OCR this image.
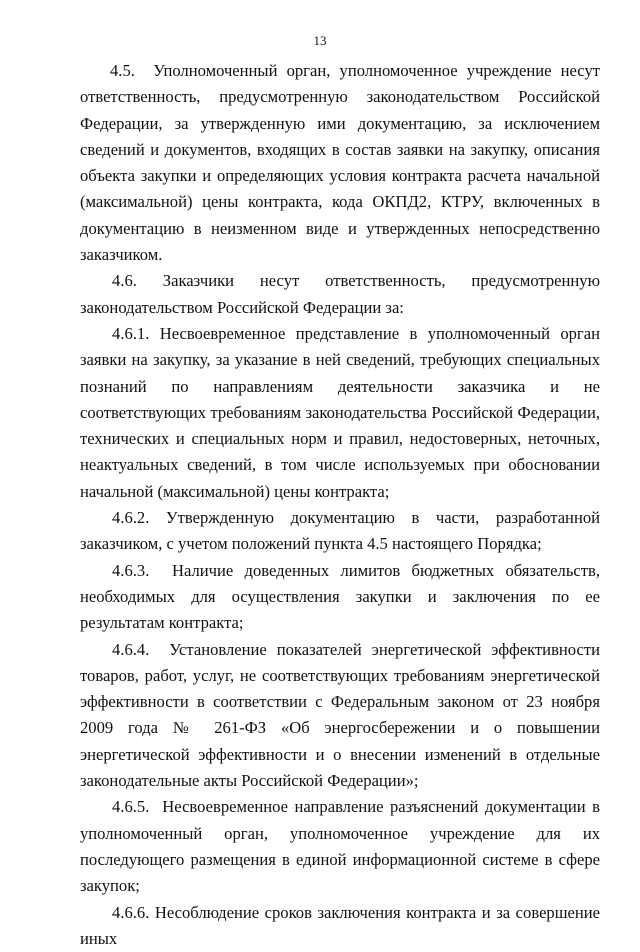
13

4.5.  Уполномоченный орган, уполномоченное учреждение несут ответственность, предусмотренную законодательством Российской Федерации, за утвержденную ими документацию, за исключением сведений и документов, входящих в состав заявки на закупку, описания объекта закупки и определяющих условия контракта расчета начальной (максимальной) цены контракта, кода ОКПД2, КТРУ, включенных в документацию в неизменном виде и утвержденных непосредственно заказчиком.

4.6. Заказчики несут ответственность, предусмотренную законодательством Российской Федерации за:

4.6.1. Несвоевременное представление в уполномоченный орган заявки на закупку, за указание в ней сведений, требующих специальных познаний по направлениям деятельности заказчика и не соответствующих требованиям законодательства Российской Федерации, технических и специальных норм и правил, недостоверных, неточных, неактуальных сведений, в том числе используемых при обосновании начальной (максимальной) цены контракта;

4.6.2. Утвержденную документацию в части, разработанной заказчиком, с учетом положений пункта 4.5 настоящего Порядка;

4.6.3.  Наличие доведенных лимитов бюджетных обязательств, необходимых для осуществления закупки и заключения по ее результатам контракта;

4.6.4.  Установление показателей энергетической эффективности товаров, работ, услуг, не соответствующих требованиям энергетической эффективности в соответствии с Федеральным законом от 23 ноября 2009 года № 261-ФЗ «Об энергосбережении и о повышении энергетической эффективности и о внесении изменений в отдельные законодательные акты Российской Федерации»;

4.6.5.  Несвоевременное направление разъяснений документации в уполномоченный орган, уполномоченное учреждение для их последующего размещения в единой информационной системе в сфере закупок;

4.6.6. Несоблюдение сроков заключения контракта и за совершение иных
